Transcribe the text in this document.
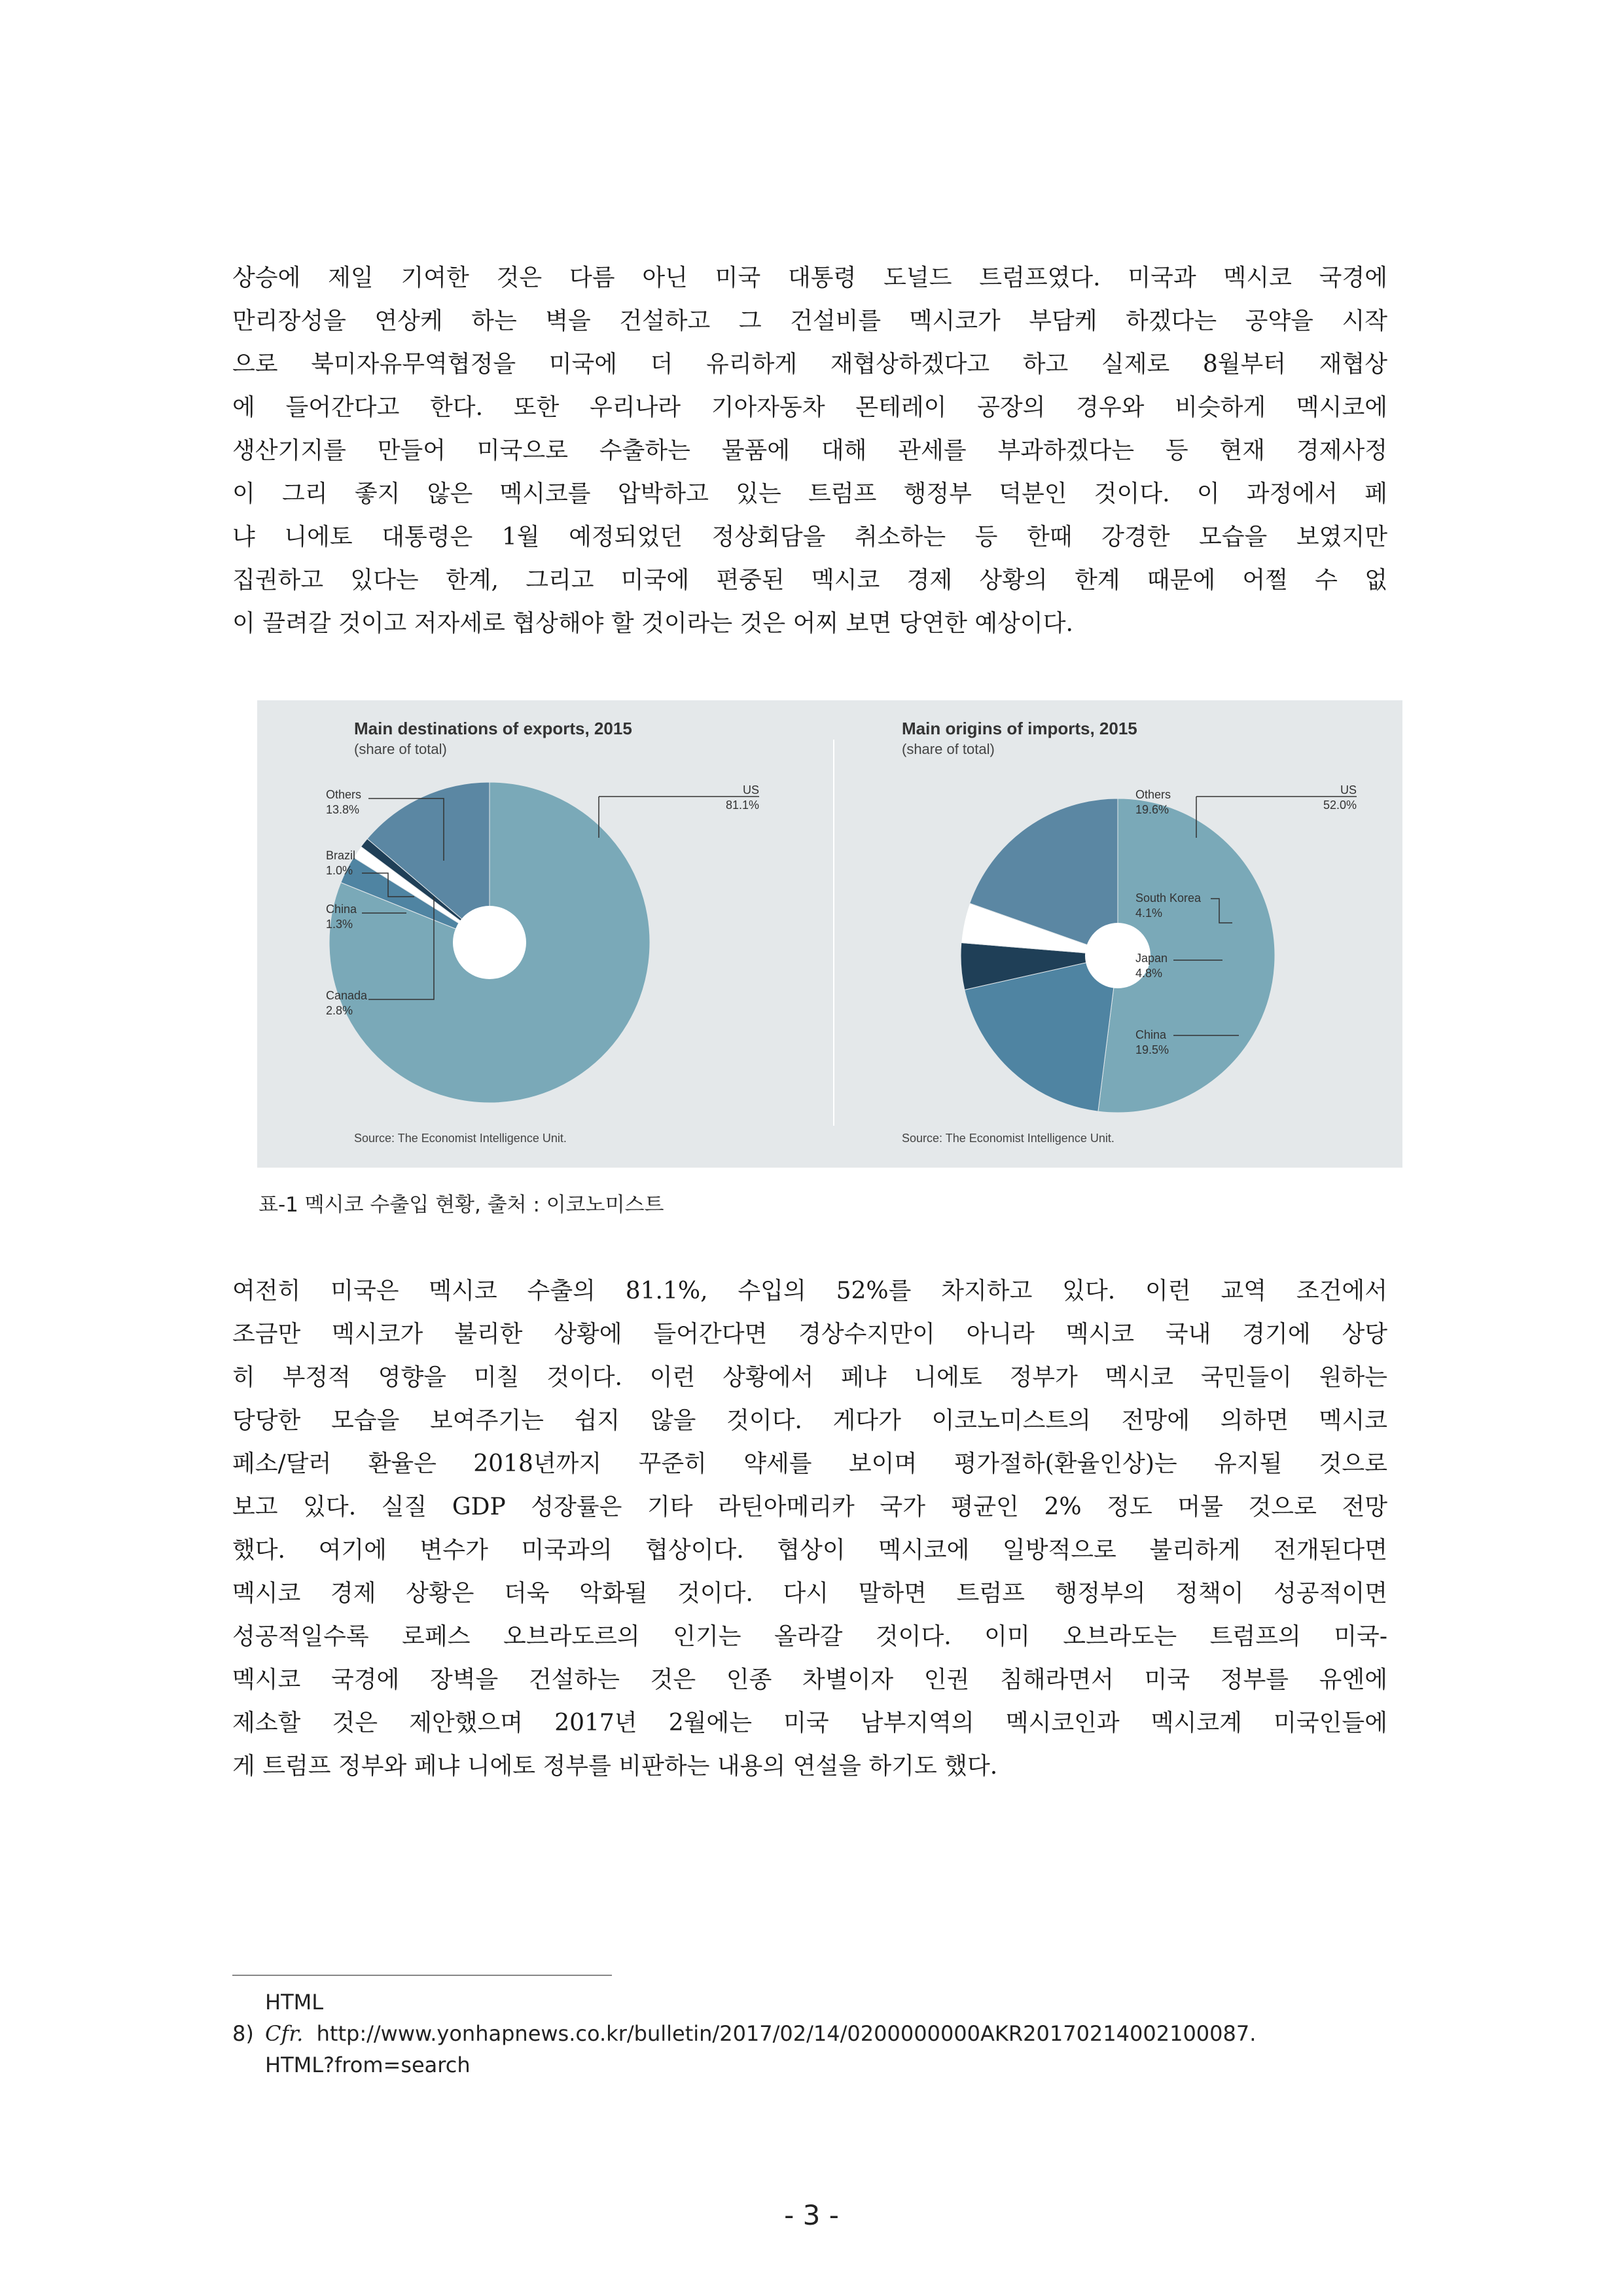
상승에 제일 기여한 것은 다름 아닌 미국 대통령 도널드 트럼프였다. 미국과 멕시코 국경에
만리장성을 연상케 하는 벽을 건설하고 그 건설비를 멕시코가 부담케 하겠다는 공약을 시작
으로 북미자유무역협정을 미국에 더 유리하게 재협상하겠다고 하고 실제로 8월부터 재협상
에 들어간다고 한다. 또한 우리나라 기아자동차 몬테레이 공장의 경우와 비슷하게 멕시코에
생산기지를 만들어 미국으로 수출하는 물품에 대해 관세를 부과하겠다는 등 현재 경제사정
이 그리 좋지 않은 멕시코를 압박하고 있는 트럼프 행정부 덕분인 것이다. 이 과정에서 페
냐 니에토 대통령은 1월 예정되었던 정상회담을 취소하는 등 한때 강경한 모습을 보였지만
집권하고 있다는 한계, 그리고 미국에 편중된 멕시코 경제 상황의 한계 때문에 어쩔 수 없
이 끌려갈 것이고 저자세로 협상해야 할 것이라는 것은 어찌 보면 당연한 예상이다.
Main destinations of exports, 2015
(share of total)
US
81.1%
Others
13.8%
Brazil
1.0%
China
1.3%
Canada
2.8%
Source: The Economist Intelligence Unit.
Main origins of imports, 2015
(share of total)
US
52.0%
Others
19.6%
South Korea
4.1%
Japan
4.8%
China
19.5%
Source: The Economist Intelligence Unit.
표-1 멕시코 수출입 현황, 출처 : 이코노미스트
여전히 미국은 멕시코 수출의 81.1%, 수입의 52%를 차지하고 있다. 이런 교역 조건에서
조금만 멕시코가 불리한 상황에 들어간다면 경상수지만이 아니라 멕시코 국내 경기에 상당
히 부정적 영향을 미칠 것이다. 이런 상황에서 페냐 니에토 정부가 멕시코 국민들이 원하는
당당한 모습을 보여주기는 쉽지 않을 것이다. 게다가 이코노미스트의 전망에 의하면 멕시코
페소/달러 환율은 2018년까지 꾸준히 약세를 보이며 평가절하(환율인상)는 유지될 것으로
보고 있다. 실질 GDP 성장률은 기타 라틴아메리카 국가 평균인 2% 정도 머물 것으로 전망
했다. 여기에 변수가 미국과의 협상이다. 협상이 멕시코에 일방적으로 불리하게 전개된다면
멕시코 경제 상황은 더욱 악화될 것이다. 다시 말하면 트럼프 행정부의 정책이 성공적이면
성공적일수록 로페스 오브라도르의 인기는 올라갈 것이다. 이미 오브라도는 트럼프의 미국-
멕시코 국경에 장벽을 건설하는 것은 인종 차별이자 인권 침해라면서 미국 정부를 유엔에
제소할 것은 제안했으며 2017년 2월에는 미국 남부지역의 멕시코인과 멕시코계 미국인들에
게 트럼프 정부와 페냐 니에토 정부를 비판하는 내용의 연설을 하기도 했다.
HTML
8) Cfr. http://www.yonhapnews.co.kr/bulletin/2017/02/14/0200000000AKR20170214002100087.
HTML?from=search
- 3 -
